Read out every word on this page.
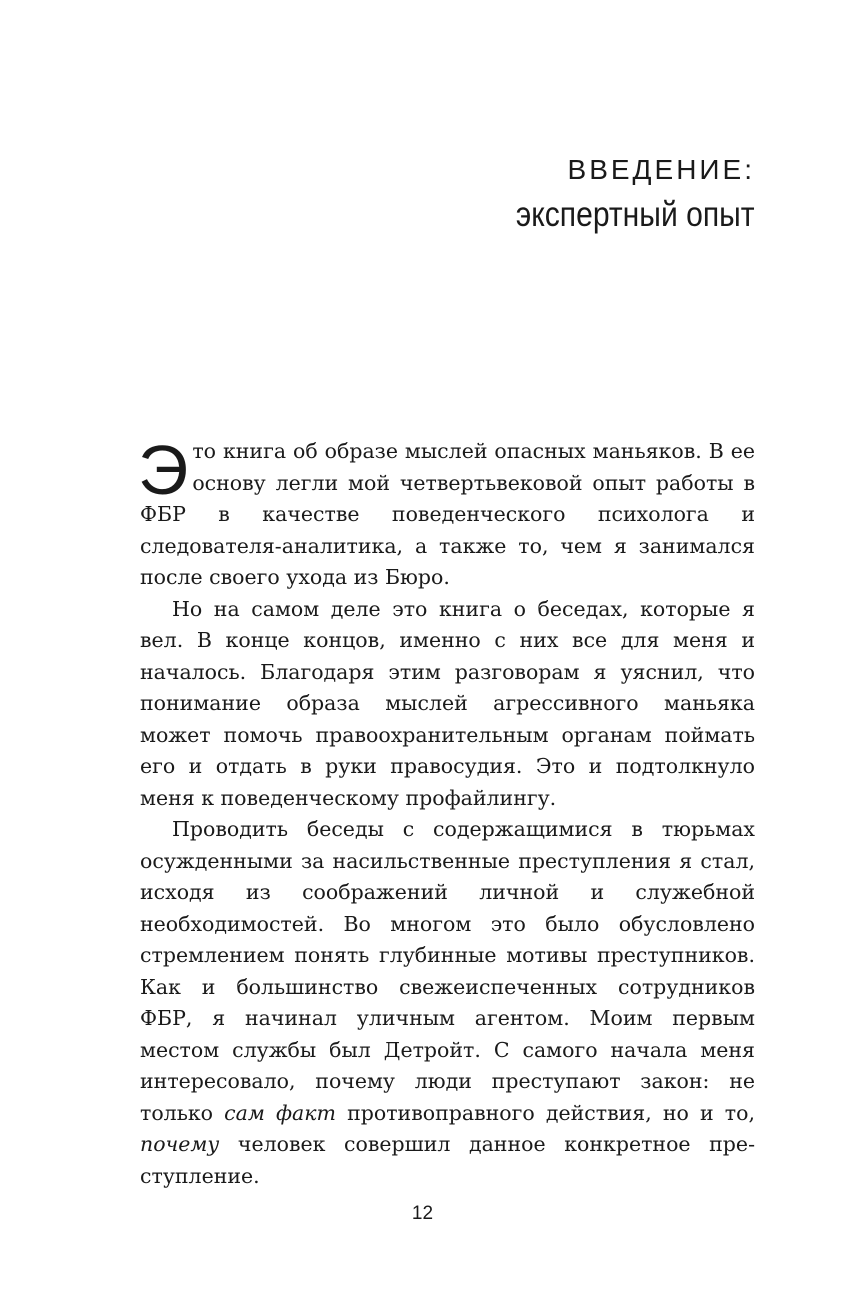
ВВЕДЕНИЕ:
экспертный опыт

Это книга об образе мыслей опасных маньяков. В ее основу легли мой четвертьвековой опыт работы в ФБР в качестве поведенческого психолога и следователя-аналитика, а также то, чем я занимался после своего ухода из Бюро.

Но на самом деле это книга о беседах, которые я вел. В конце концов, именно с них все для меня и началось. Благодаря этим разговорам я уяснил, что понимание образа мыслей агрессивного маньяка может помочь правоохранительным органам поймать его и отдать в руки правосудия. Это и подтолкнуло меня к поведенческому профайлингу.

Проводить беседы с содержащимися в тюрьмах осужденными за насильственные преступления я стал, исходя из соображений личной и служебной необходимостей. Во многом это было обусловлено стремлением понять глубинные мотивы преступников. Как и большинство свежеиспеченных сотрудников ФБР, я начинал уличным агентом. Моим первым местом службы был Детройт. С самого начала меня интересовало, почему люди преступают закон: не только сам факт противоправного действия, но и то, почему человек совершил данное конкретное преступление.

12
